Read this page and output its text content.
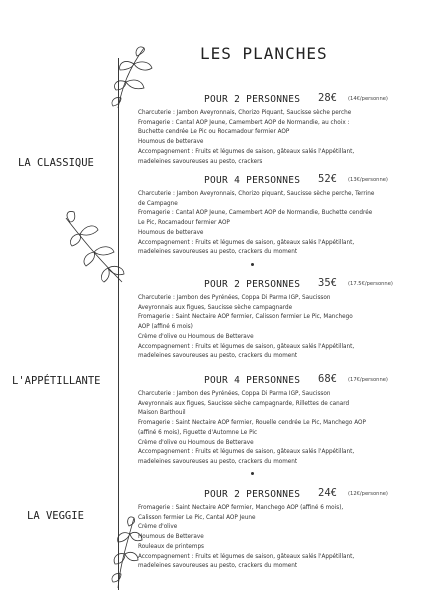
LES PLANCHES
LA CLASSIQUE
L'APPÉTILLANTE
LA VEGGIE
POUR 2 PERSONNES 28€ (14€/personne)
Charcuterie : Jambon Aveyronnais, Chorizo Piquant, Saucisse sèche perche
Fromagerie : Cantal AOP Jeune, Camembert AOP de Normandie, au choix :
Buchette cendrée Le Pic ou Rocamadour fermier AOP
Houmous de betterave
Accompagnement : Fruits et légumes de saison, gâteaux salés l'Appétillant,
madeleines savoureuses au pesto, crackers
POUR 4 PERSONNES 52€ (13€/personne)
Charcuterie : Jambon Aveyronnais, Chorizo piquant, Saucisse sèche perche, Terrine
de Campagne
Fromagerie : Cantal AOP Jeune, Camembert AOP de Normandie, Buchette cendrée
Le Pic, Rocamadour fermier AOP
Houmous de betterave
Accompagnement : Fruits et légumes de saison, gâteaux salés l'Appétillant,
madeleines savoureuses au pesto, crackers du moment
POUR 2 PERSONNES 35€ (17.5€/personne)
Charcuterie : Jambon des Pyrénées, Coppa Di Parma IGP, Saucisson
Aveyronnais aux figues, Saucisse sèche campagnarde
Fromagerie : Saint Nectaire AOP fermier, Calisson fermier Le Pic, Manchego
AOP (affiné 6 mois)
Crème d'olive ou Houmous de Betterave
Accompagnement : Fruits et légumes de saison, gâteaux salés l'Appétillant,
madeleines savoureuses au pesto, crackers du moment
POUR 4 PERSONNES 68€ (17€/personne)
Charcuterie : Jambon des Pyrénées, Coppa Di Parma IGP, Saucisson
Aveyronnais aux figues, Saucisse sèche campagnarde, Rillettes de canard
Maison Barthouil
Fromagerie : Saint Nectaire AOP fermier, Rouelle cendrée Le Pic, Manchego AOP
(affiné 6 mois), Figuette d'Automne Le Pic
Crème d'olive ou Houmous de Betterave
Accompagnement : Fruits et légumes de saison, gâteaux salés l'Appétillant,
madeleines savoureuses au pesto, crackers du moment
POUR 2 PERSONNES 24€ (12€/personne)
Fromagerie : Saint Nectaire AOP fermier, Manchego AOP (affiné 6 mois),
Calisson fermier Le Pic, Cantal AOP Jeune
Crème d'olive
Houmous de Betterave
Rouleaux de printemps
Accompagnement : Fruits et légumes de saison, gâteaux salés l'Appétillant,
madeleines savoureuses au pesto, crackers du moment
